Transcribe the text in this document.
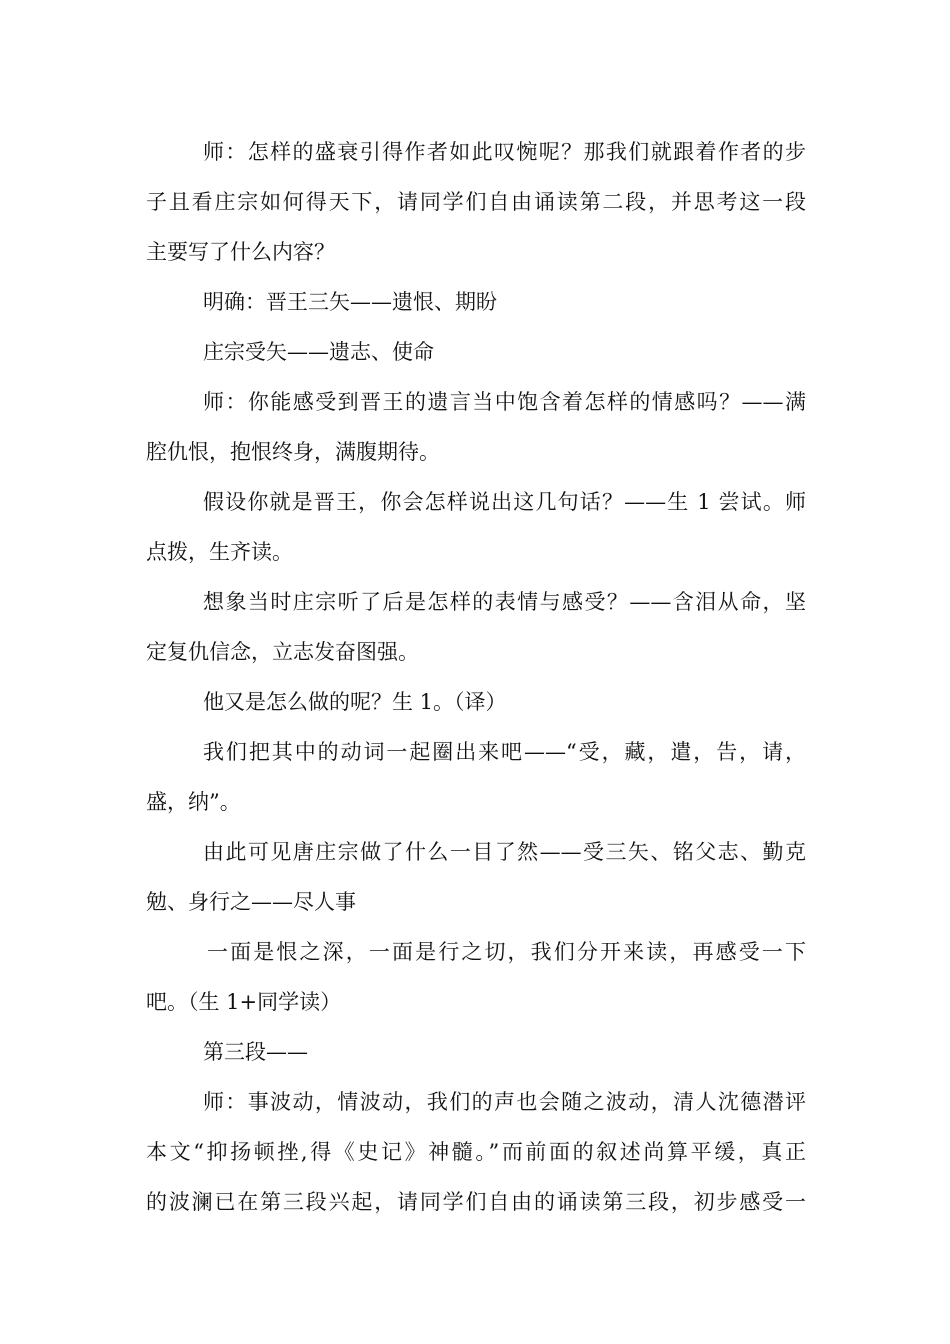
师：怎样的盛衰引得作者如此叹惋呢？那我们就跟着作者的步

子且看庄宗如何得天下，请同学们自由诵读第二段，并思考这一段

主要写了什么内容？

明确：晋王三矢——遗恨、期盼

庄宗受矢——遗志、使命

师：你能感受到晋王的遗言当中饱含着怎样的情感吗？——满

腔仇恨，抱恨终身，满腹期待。

假设你就是晋王，你会怎样说出这几句话？——生 1 尝试。师

点拨，生齐读。

想象当时庄宗听了后是怎样的表情与感受？——含泪从命，坚

定复仇信念，立志发奋图强。

他又是怎么做的呢？生 1。（译）

我们把其中的动词一起圈出来吧——“受，藏，遣，告，请，

盛，纳”。

由此可见唐庄宗做了什么一目了然——受三矢、铭父志、勤克

勉、身行之——尽人事

一面是恨之深，一面是行之切，我们分开来读，再感受一下

吧。（生 1+同学读）

第三段——

师：事波动，情波动，我们的声也会随之波动，清人沈德潜评

本文“抑扬顿挫,得《史记》神髓。”而前面的叙述尚算平缓，真正

的波澜已在第三段兴起，请同学们自由的诵读第三段，初步感受一
